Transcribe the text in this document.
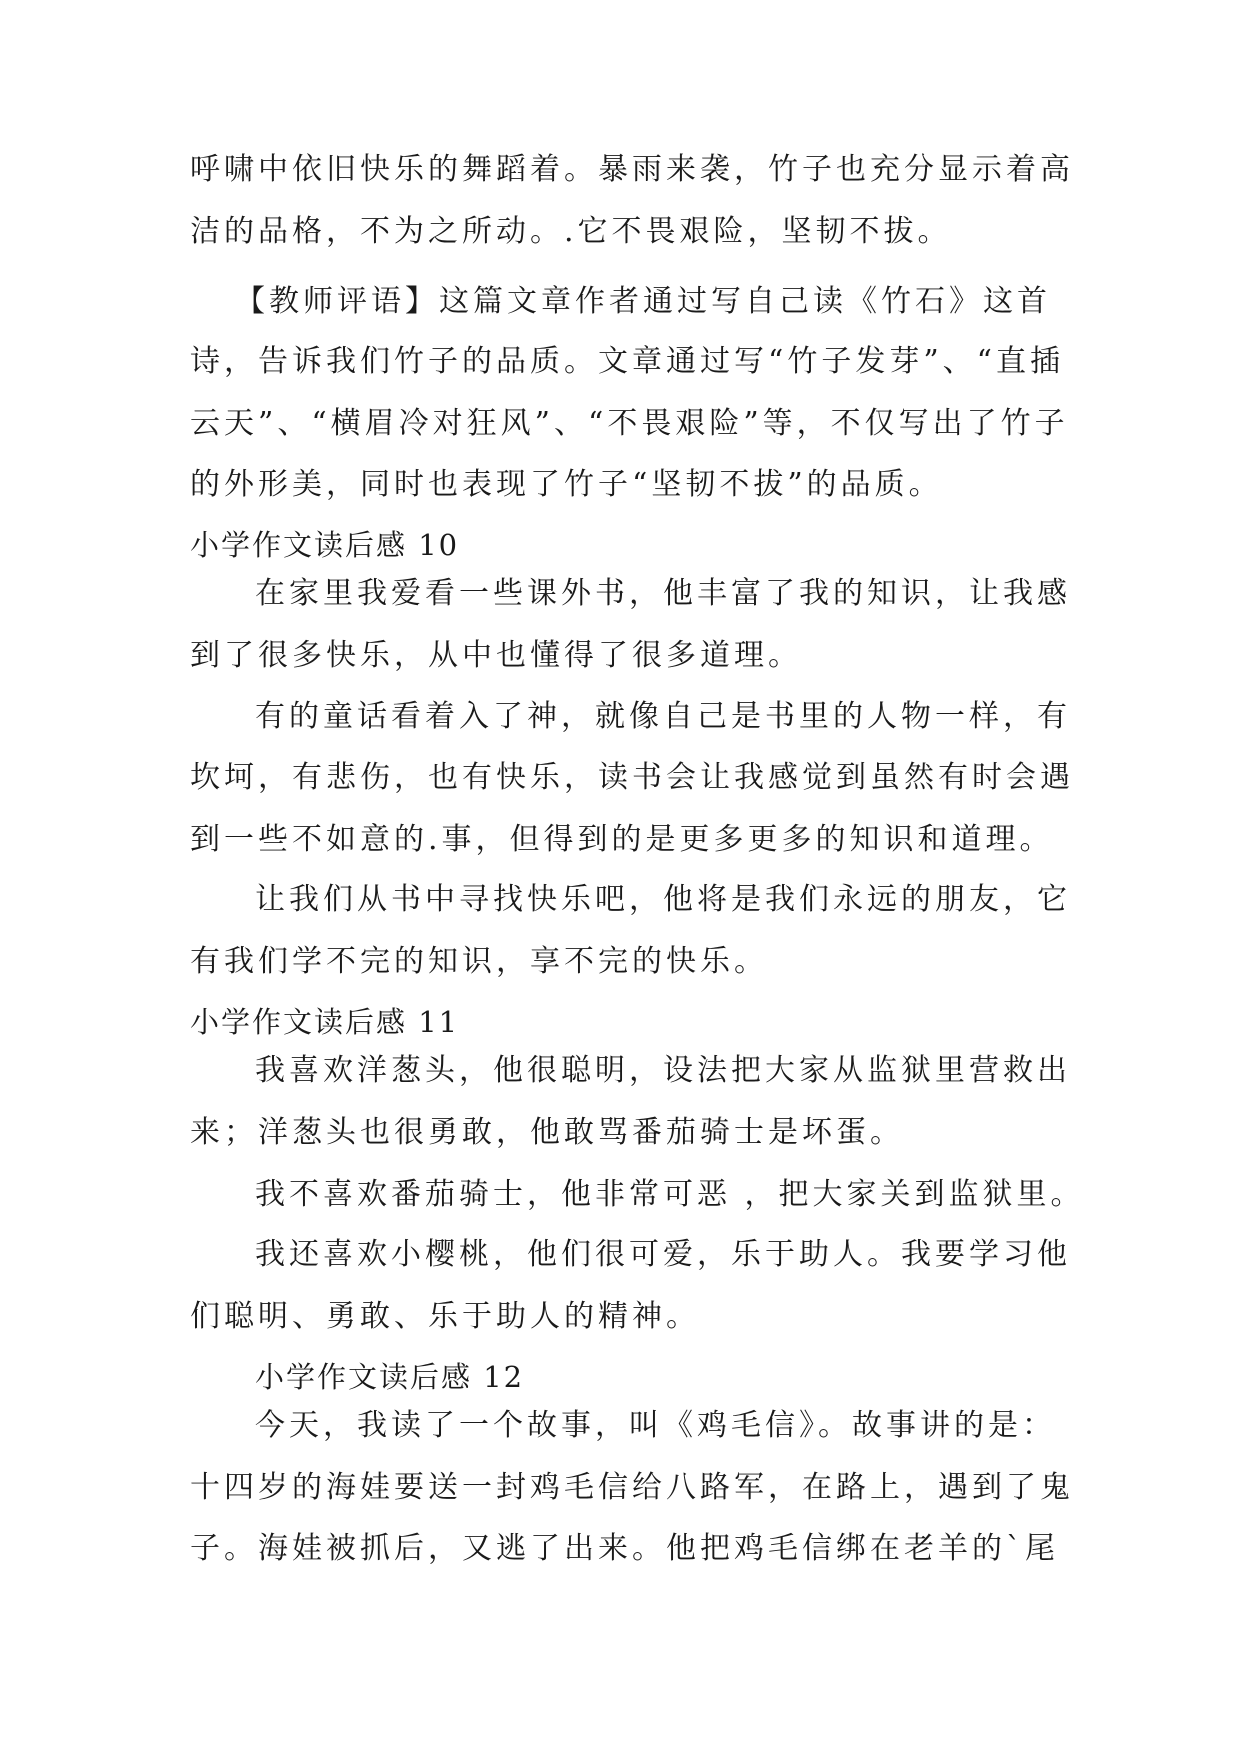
呼啸中依旧快乐的舞蹈着。暴雨来袭，竹子也充分显示着高
洁的品格，不为之所动。.它不畏艰险，坚韧不拔。
【教师评语】这篇文章作者通过写自己读《竹石》这首
诗，告诉我们竹子的品质。文章通过写“竹子发芽”、“直插
云天”、“横眉冷对狂风”、“不畏艰险”等，不仅写出了竹子
的外形美，同时也表现了竹子“坚韧不拔”的品质。
小学作文读后感 10
在家里我爱看一些课外书，他丰富了我的知识，让我感
到了很多快乐，从中也懂得了很多道理。
有的童话看着入了神，就像自己是书里的人物一样，有
坎坷，有悲伤，也有快乐，读书会让我感觉到虽然有时会遇
到一些不如意的.事，但得到的是更多更多的知识和道理。
让我们从书中寻找快乐吧，他将是我们永远的朋友，它
有我们学不完的知识，享不完的快乐。
小学作文读后感 11
我喜欢洋葱头，他很聪明，设法把大家从监狱里营救出
来；洋葱头也很勇敢，他敢骂番茄骑士是坏蛋。
我不喜欢番茄骑士，他非常可恶 ，把大家关到监狱里。
我还喜欢小樱桃，他们很可爱，乐于助人。我要学习他
们聪明、勇敢、乐于助人的精神。
小学作文读后感 12
今天，我读了一个故事，叫《鸡毛信》。故事讲的是：
十四岁的海娃要送一封鸡毛信给八路军，在路上，遇到了鬼
子。海娃被抓后，又逃了出来。他把鸡毛信绑在老羊的`尾
